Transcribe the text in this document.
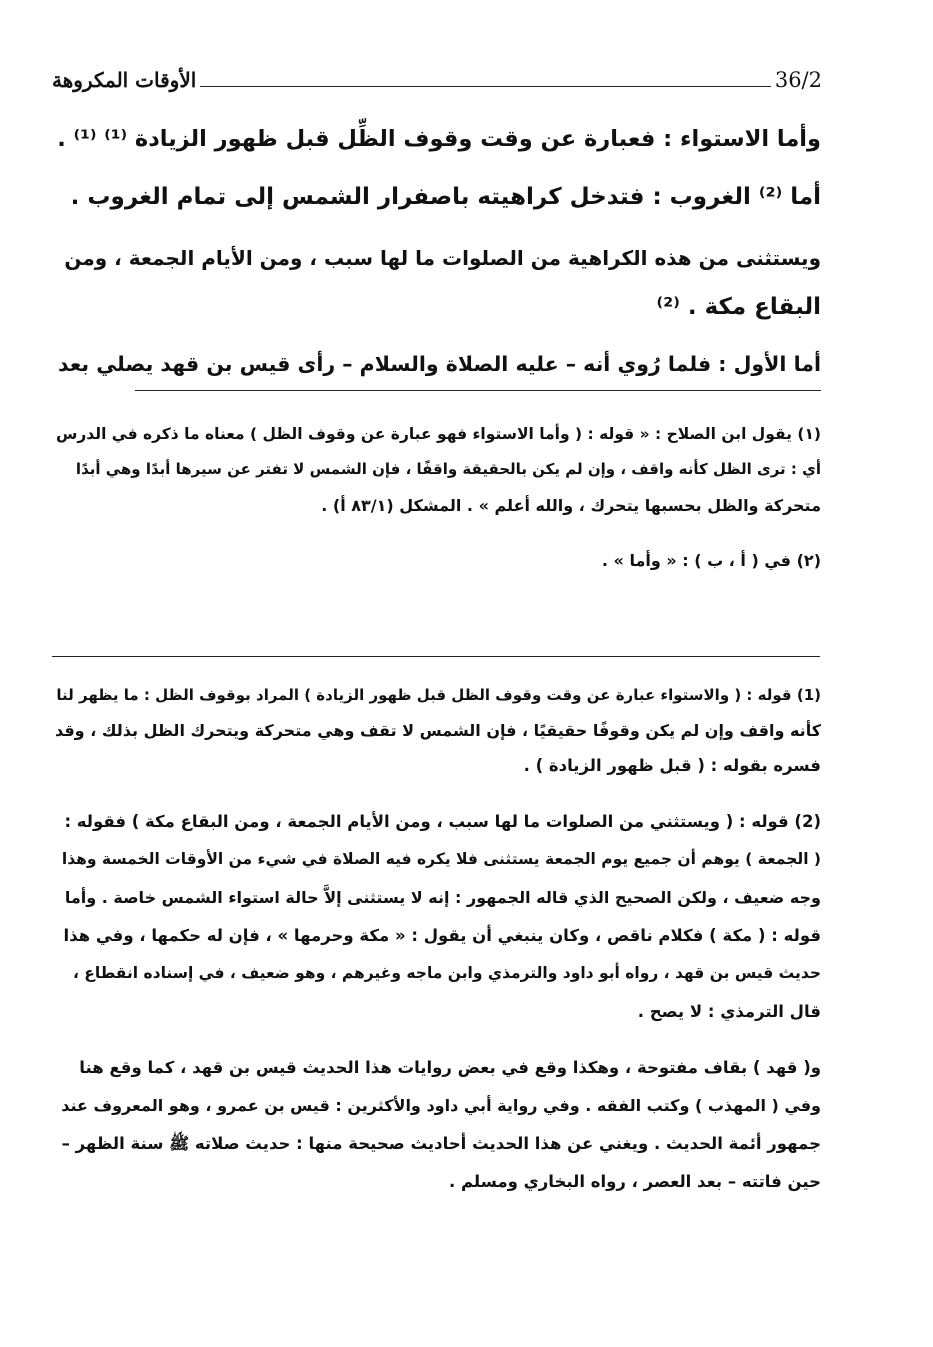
36/2
الأوقات المكروهة
وأما الاستواء : فعبارة عن وقت وقوف الظِّل قبل ظهور الزيادة ⁽¹⁾ ⁽¹⁾ .
أما ⁽²⁾ الغروب : فتدخل كراهيته باصفرار الشمس إلى تمام الغروب .
ويستثنى من هذه الكراهية من الصلوات ما لها سبب ، ومن الأيام الجمعة ، ومن
البقاع مكة . ⁽²⁾
أما الأول : فلما رُوي أنه – عليه الصلاة والسلام – رأى قيس بن قهد يصلي بعد
(١) يقول ابن الصلاح : « قوله : ( وأما الاستواء فهو عبارة عن وقوف الظل ) معناه ما ذكره في الدرس
أي : ترى الظل كأنه واقف ، وإن لم يكن بالحقيقة واقفًا ، فإن الشمس لا تفتر عن سيرها أبدًا وهي أبدًا
متحركة والظل بحسبها يتحرك ، والله أعلم » . المشكل (٨٣/١ أ) .
(٢) في ( أ ، ب ) : « وأما » .
(1) قوله : ( والاستواء عبارة عن وقت وقوف الظل قبل ظهور الزيادة ) المراد بوقوف الظل : ما يظهر لنا
كأنه واقف وإن لم يكن وقوفًا حقيقيًا ، فإن الشمس لا تقف وهي متحركة ويتحرك الظل بذلك ، وقد
فسره بقوله : ( قبل ظهور الزيادة ) .
(2) قوله : ( ويستثني من الصلوات ما لها سبب ، ومن الأيام الجمعة ، ومن البقاع مكة ) فقوله :
( الجمعة ) يوهم أن جميع يوم الجمعة يستثنى فلا يكره فيه الصلاة في شيء من الأوقات الخمسة وهذا
وجه ضعيف ، ولكن الصحيح الذي قاله الجمهور : إنه لا يستثنى إلاَّ حالة استواء الشمس خاصة . وأما
قوله : ( مكة ) فكلام ناقص ، وكان ينبغي أن يقول : « مكة وحرمها » ، فإن له حكمها ، وفي هذا
حديث قيس بن قهد ، رواه أبو داود والترمذي وابن ماجه وغيرهم ، وهو ضعيف ، في إسناده انقطاع ،
قال الترمذي : لا يصح .
و( قهد ) بقاف مفتوحة ، وهكذا وقع في بعض روايات هذا الحديث قيس بن قهد ، كما وقع هنا
وفي ( المهذب ) وكتب الفقه . وفي رواية أبي داود والأكثرين : قيس بن عمرو ، وهو المعروف عند
جمهور أئمة الحديث . ويغني عن هذا الحديث أحاديث صحيحة منها : حديث صلاته ﷺ سنة الظهر –
حين فاتته – بعد العصر ، رواه البخاري ومسلم .
